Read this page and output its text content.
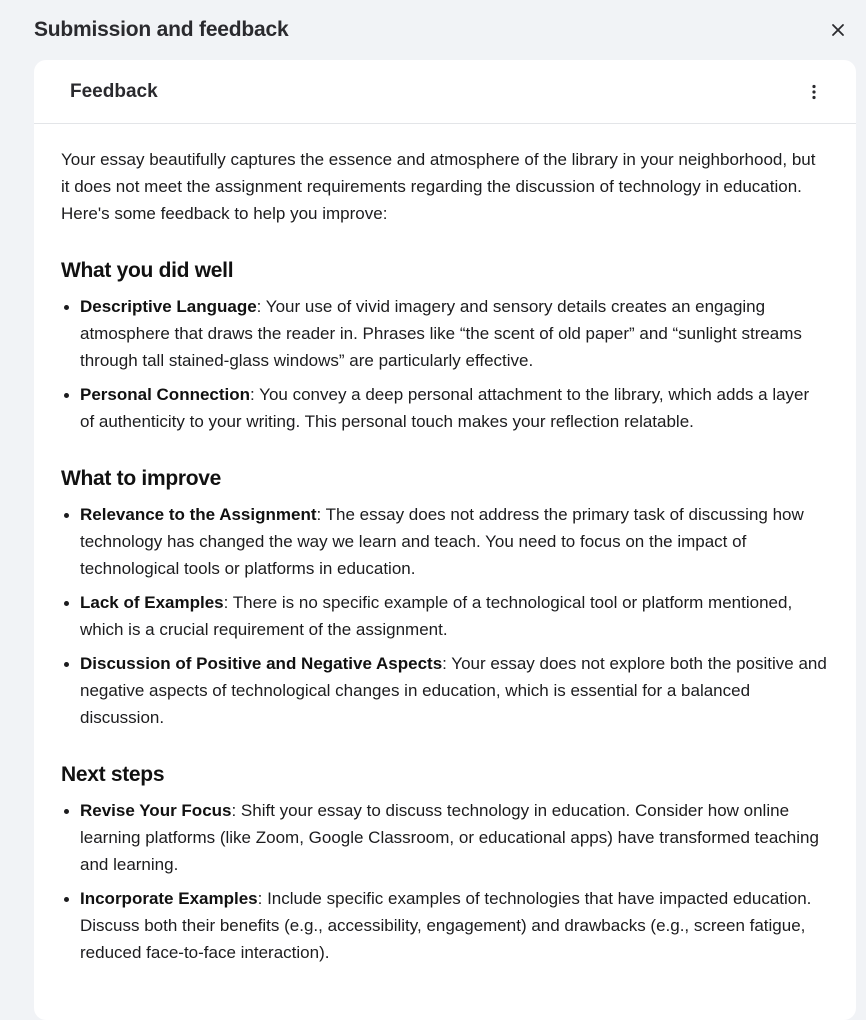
Submission and feedback
Feedback

Your essay beautifully captures the essence and atmosphere of the library in your neighborhood, but it does not meet the assignment requirements regarding the discussion of technology in education. Here's some feedback to help you improve:

What you did well
Descriptive Language: Your use of vivid imagery and sensory details creates an engaging atmosphere that draws the reader in. Phrases like “the scent of old paper” and “sunlight streams through tall stained-glass windows” are particularly effective.
Personal Connection: You convey a deep personal attachment to the library, which adds a layer of authenticity to your writing. This personal touch makes your reflection relatable.
What to improve
Relevance to the Assignment: The essay does not address the primary task of discussing how technology has changed the way we learn and teach. You need to focus on the impact of technological tools or platforms in education.
Lack of Examples: There is no specific example of a technological tool or platform mentioned, which is a crucial requirement of the assignment.
Discussion of Positive and Negative Aspects: Your essay does not explore both the positive and negative aspects of technological changes in education, which is essential for a balanced discussion.
Next steps
Revise Your Focus: Shift your essay to discuss technology in education. Consider how online learning platforms (like Zoom, Google Classroom, or educational apps) have transformed teaching and learning.
Incorporate Examples: Include specific examples of technologies that have impacted education. Discuss both their benefits (e.g., accessibility, engagement) and drawbacks (e.g., screen fatigue, reduced face-to-face interaction).
